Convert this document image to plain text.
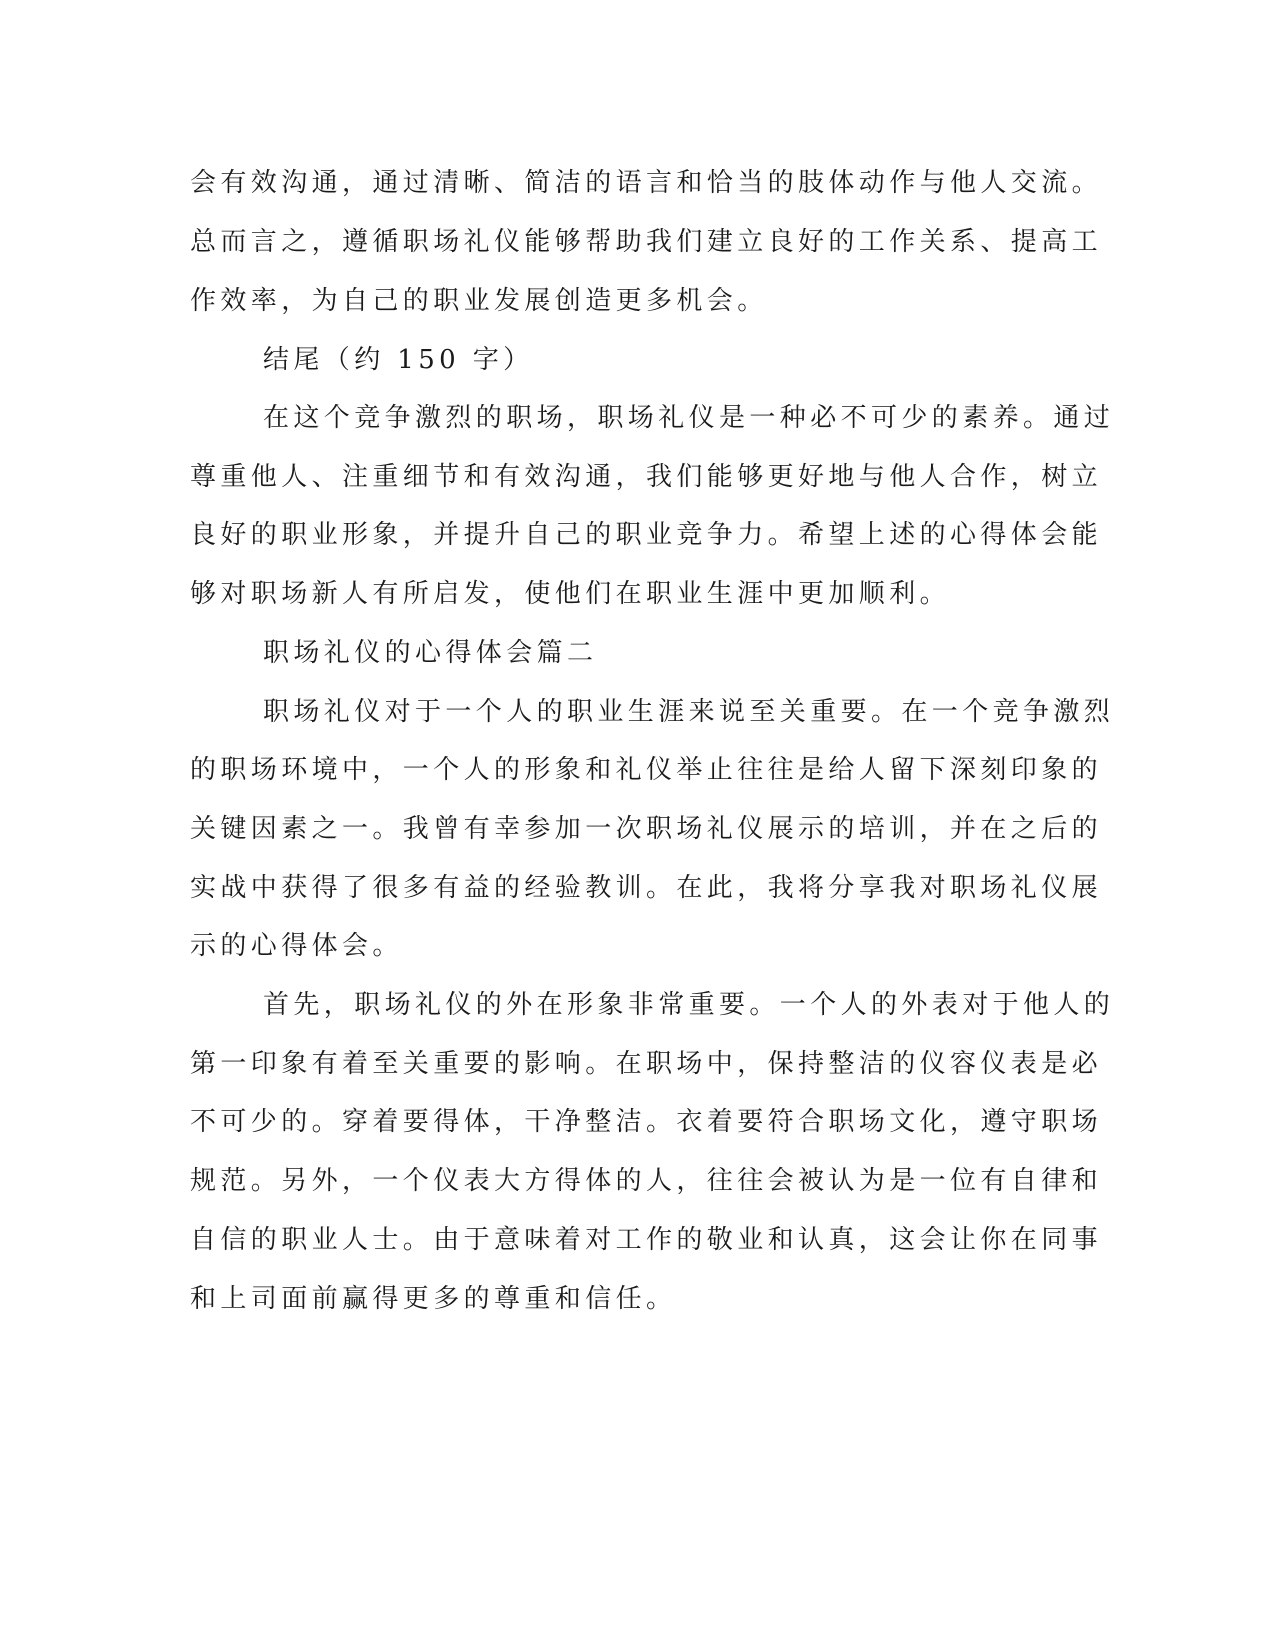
会有效沟通，通过清晰、简洁的语言和恰当的肢体动作与他人交流。

总而言之，遵循职场礼仪能够帮助我们建立良好的工作关系、提高工

作效率，为自己的职业发展创造更多机会。

结尾（约 150 字）

在这个竞争激烈的职场，职场礼仪是一种必不可少的素养。通过

尊重他人、注重细节和有效沟通，我们能够更好地与他人合作，树立

良好的职业形象，并提升自己的职业竞争力。希望上述的心得体会能

够对职场新人有所启发，使他们在职业生涯中更加顺利。

职场礼仪的心得体会篇二

职场礼仪对于一个人的职业生涯来说至关重要。在一个竞争激烈

的职场环境中，一个人的形象和礼仪举止往往是给人留下深刻印象的

关键因素之一。我曾有幸参加一次职场礼仪展示的培训，并在之后的

实战中获得了很多有益的经验教训。在此，我将分享我对职场礼仪展

示的心得体会。

首先，职场礼仪的外在形象非常重要。一个人的外表对于他人的

第一印象有着至关重要的影响。在职场中，保持整洁的仪容仪表是必

不可少的。穿着要得体，干净整洁。衣着要符合职场文化，遵守职场

规范。另外，一个仪表大方得体的人，往往会被认为是一位有自律和

自信的职业人士。由于意味着对工作的敬业和认真，这会让你在同事

和上司面前赢得更多的尊重和信任。
